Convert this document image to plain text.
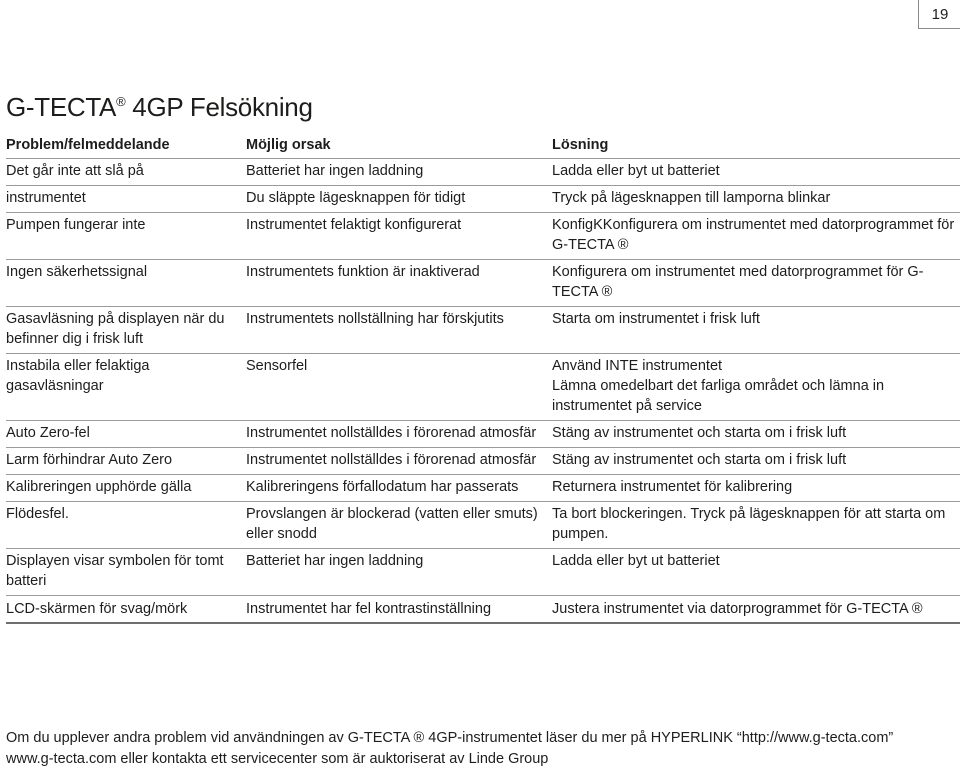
19
G-TECTA® 4GP Felsökning
Problem/felmeddelande	Möjlig orsak	Lösning
Det går inte att slå på	Batteriet har ingen laddning	Ladda eller byt ut batteriet
instrumentet	Du släppte lägesknappen för tidigt	Tryck på lägesknappen till lamporna blinkar
Pumpen fungerar inte	Instrumentet felaktigt konfigurerat	KonfigKKonfigurera om instrumentet med datorprogrammet för G-TECTA ®
Ingen säkerhetssignal	Instrumentets funktion är inaktiverad	Konfigurera om instrumentet med datorprogrammet för G-TECTA ®
Gasavläsning på displayen när du befinner dig i frisk luft	Instrumentets nollställning har förskjutits	Starta om instrumentet i frisk luft
Instabila eller felaktiga gasavläsningar	Sensorfel	Använd INTE instrumentet
Lämna omedelbart det farliga området och lämna in instrumentet på service
Auto Zero-fel	Instrumentet nollställdes i förorenad atmosfär	Stäng av instrumentet och starta om i frisk luft
Larm förhindrar Auto Zero	Instrumentet nollställdes i förorenad atmosfär	Stäng av instrumentet och starta om i frisk luft
Kalibreringen upphörde gälla	Kalibreringens förfallodatum har passerats	Returnera instrumentet för kalibrering
Flödesfel.	Provslangen är blockerad (vatten eller smuts) eller snodd	Ta bort blockeringen. Tryck på lägesknappen för att starta om pumpen.
Displayen visar symbolen för tomt batteri	Batteriet har ingen laddning	Ladda eller byt ut batteriet
LCD-skärmen för svag/mörk	Instrumentet har fel kontrastinställning	Justera instrumentet via datorprogrammet för G-TECTA ®
Om du upplever andra problem vid användningen av G-TECTA ® 4GP-instrumentet läser du mer på HYPERLINK “http://www.g-tecta.com”
www.g-tecta.com eller kontakta ett servicecenter som är auktoriserat av Linde Group
